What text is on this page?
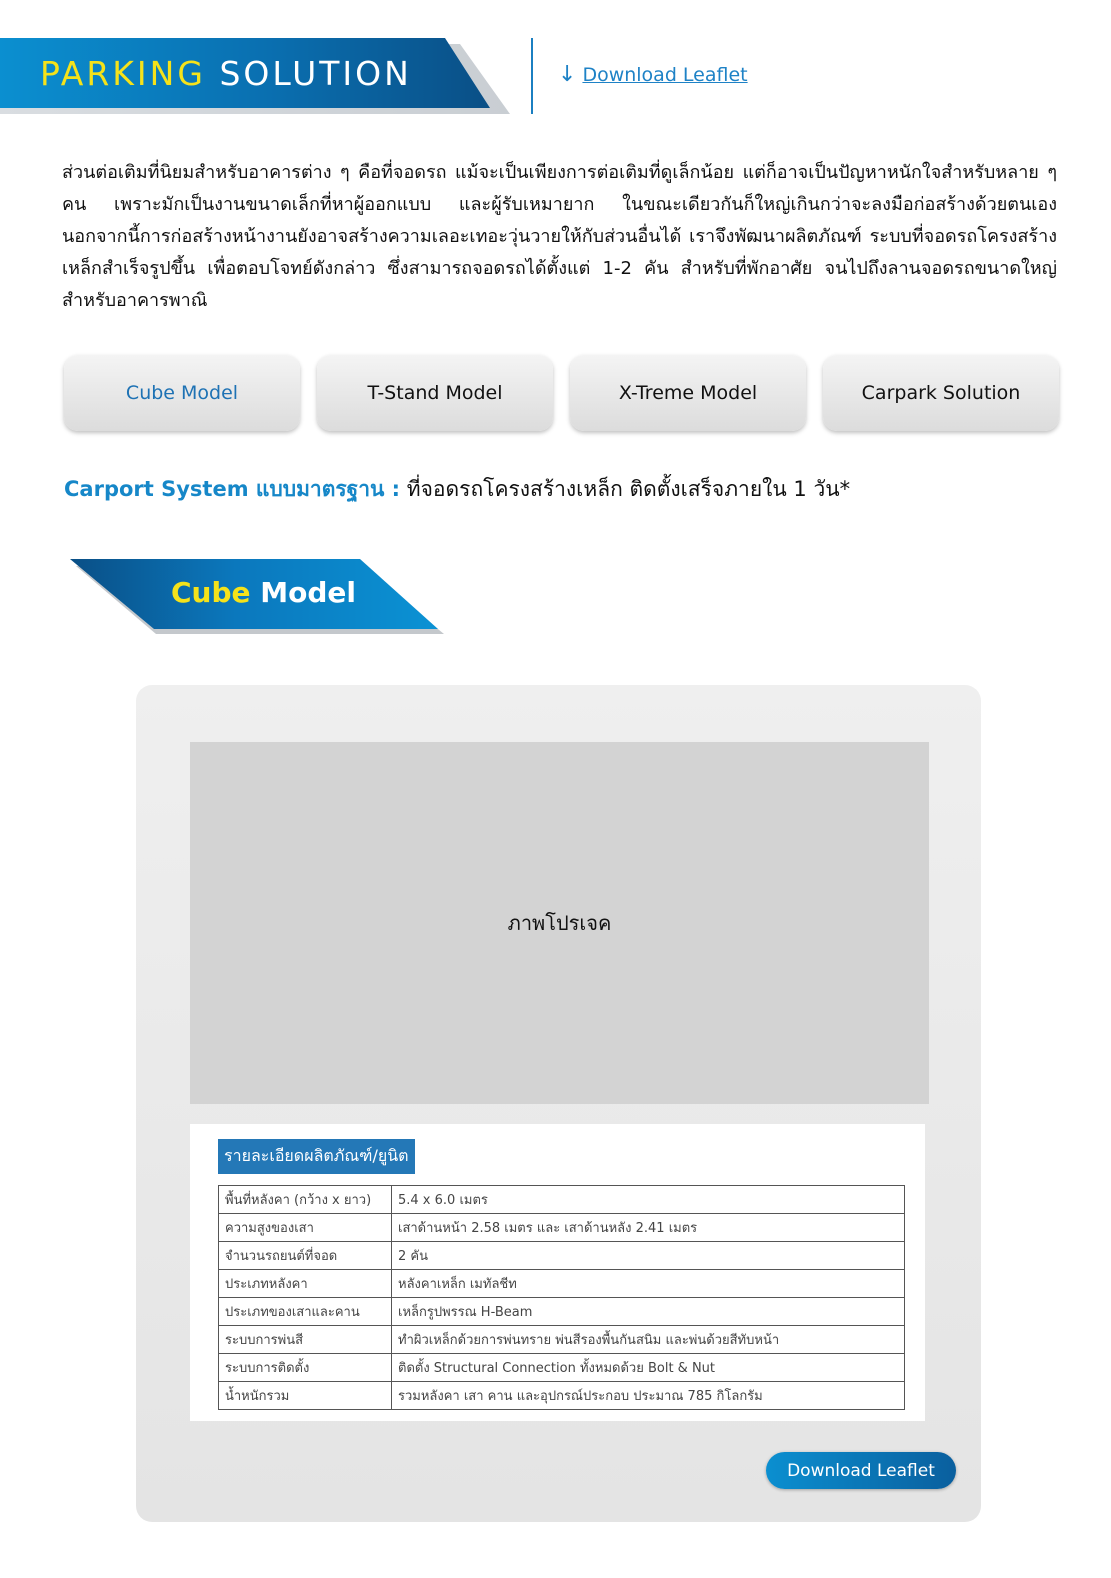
PARKING SOLUTION	↓ Download Leaflet

ส่วนต่อเติมที่นิยมสำหรับอาคารต่าง ๆ คือที่จอดรถ แม้จะเป็นเพียงการต่อเติมที่ดูเล็กน้อย แต่ก็อาจเป็นปัญหาหนักใจสำหรับหลาย ๆ คน เพราะมักเป็นงานขนาดเล็กที่หาผู้ออกแบบ และผู้รับเหมายาก ในขณะเดียวกันก็ใหญ่เกินกว่าจะลงมือก่อสร้างด้วยตนเอง นอกจากนี้การก่อสร้างหน้างานยังอาจสร้างความเลอะเทอะวุ่นวายให้กับส่วนอื่นได้ เราจึงพัฒนาผลิตภัณฑ์ ระบบที่จอดรถโครงสร้างเหล็กสำเร็จรูปขึ้น เพื่อตอบโจทย์ดังกล่าว ซึ่งสามารถจอดรถได้ตั้งแต่ 1-2 คัน สำหรับที่พักอาศัย จนไปถึงลานจอดรถขนาดใหญ่สำหรับอาคารพาณิ

Cube Model	T-Stand Model	X-Treme Model	Carpark Solution
Carport System แบบมาตรฐาน : ที่จอดรถโครงสร้างเหล็ก ติดตั้งเสร็จภายใน 1 วัน*
Cube Model
ภาพโปรเจค
รายละเอียดผลิตภัณฑ์/ยูนิต
พื้นที่หลังคา (กว้าง x ยาว)	5.4 x 6.0 เมตร
ความสูงของเสา	เสาด้านหน้า 2.58 เมตร และ เสาด้านหลัง 2.41 เมตร
จำนวนรถยนต์ที่จอด	2 คัน
ประเภทหลังคา	หลังคาเหล็ก เมทัลชีท
ประเภทของเสาและคาน	เหล็กรูปพรรณ H-Beam
ระบบการพ่นสี	ทำผิวเหล็กด้วยการพ่นทราย พ่นสีรองพื้นกันสนิม และพ่นด้วยสีทับหน้า
ระบบการติดตั้ง	ติดตั้ง Structural Connection ทั้งหมดด้วย Bolt & Nut
น้ำหนักรวม	รวมหลังคา เสา คาน และอุปกรณ์ประกอบ ประมาณ 785 กิโลกรัม
Download Leaflet
